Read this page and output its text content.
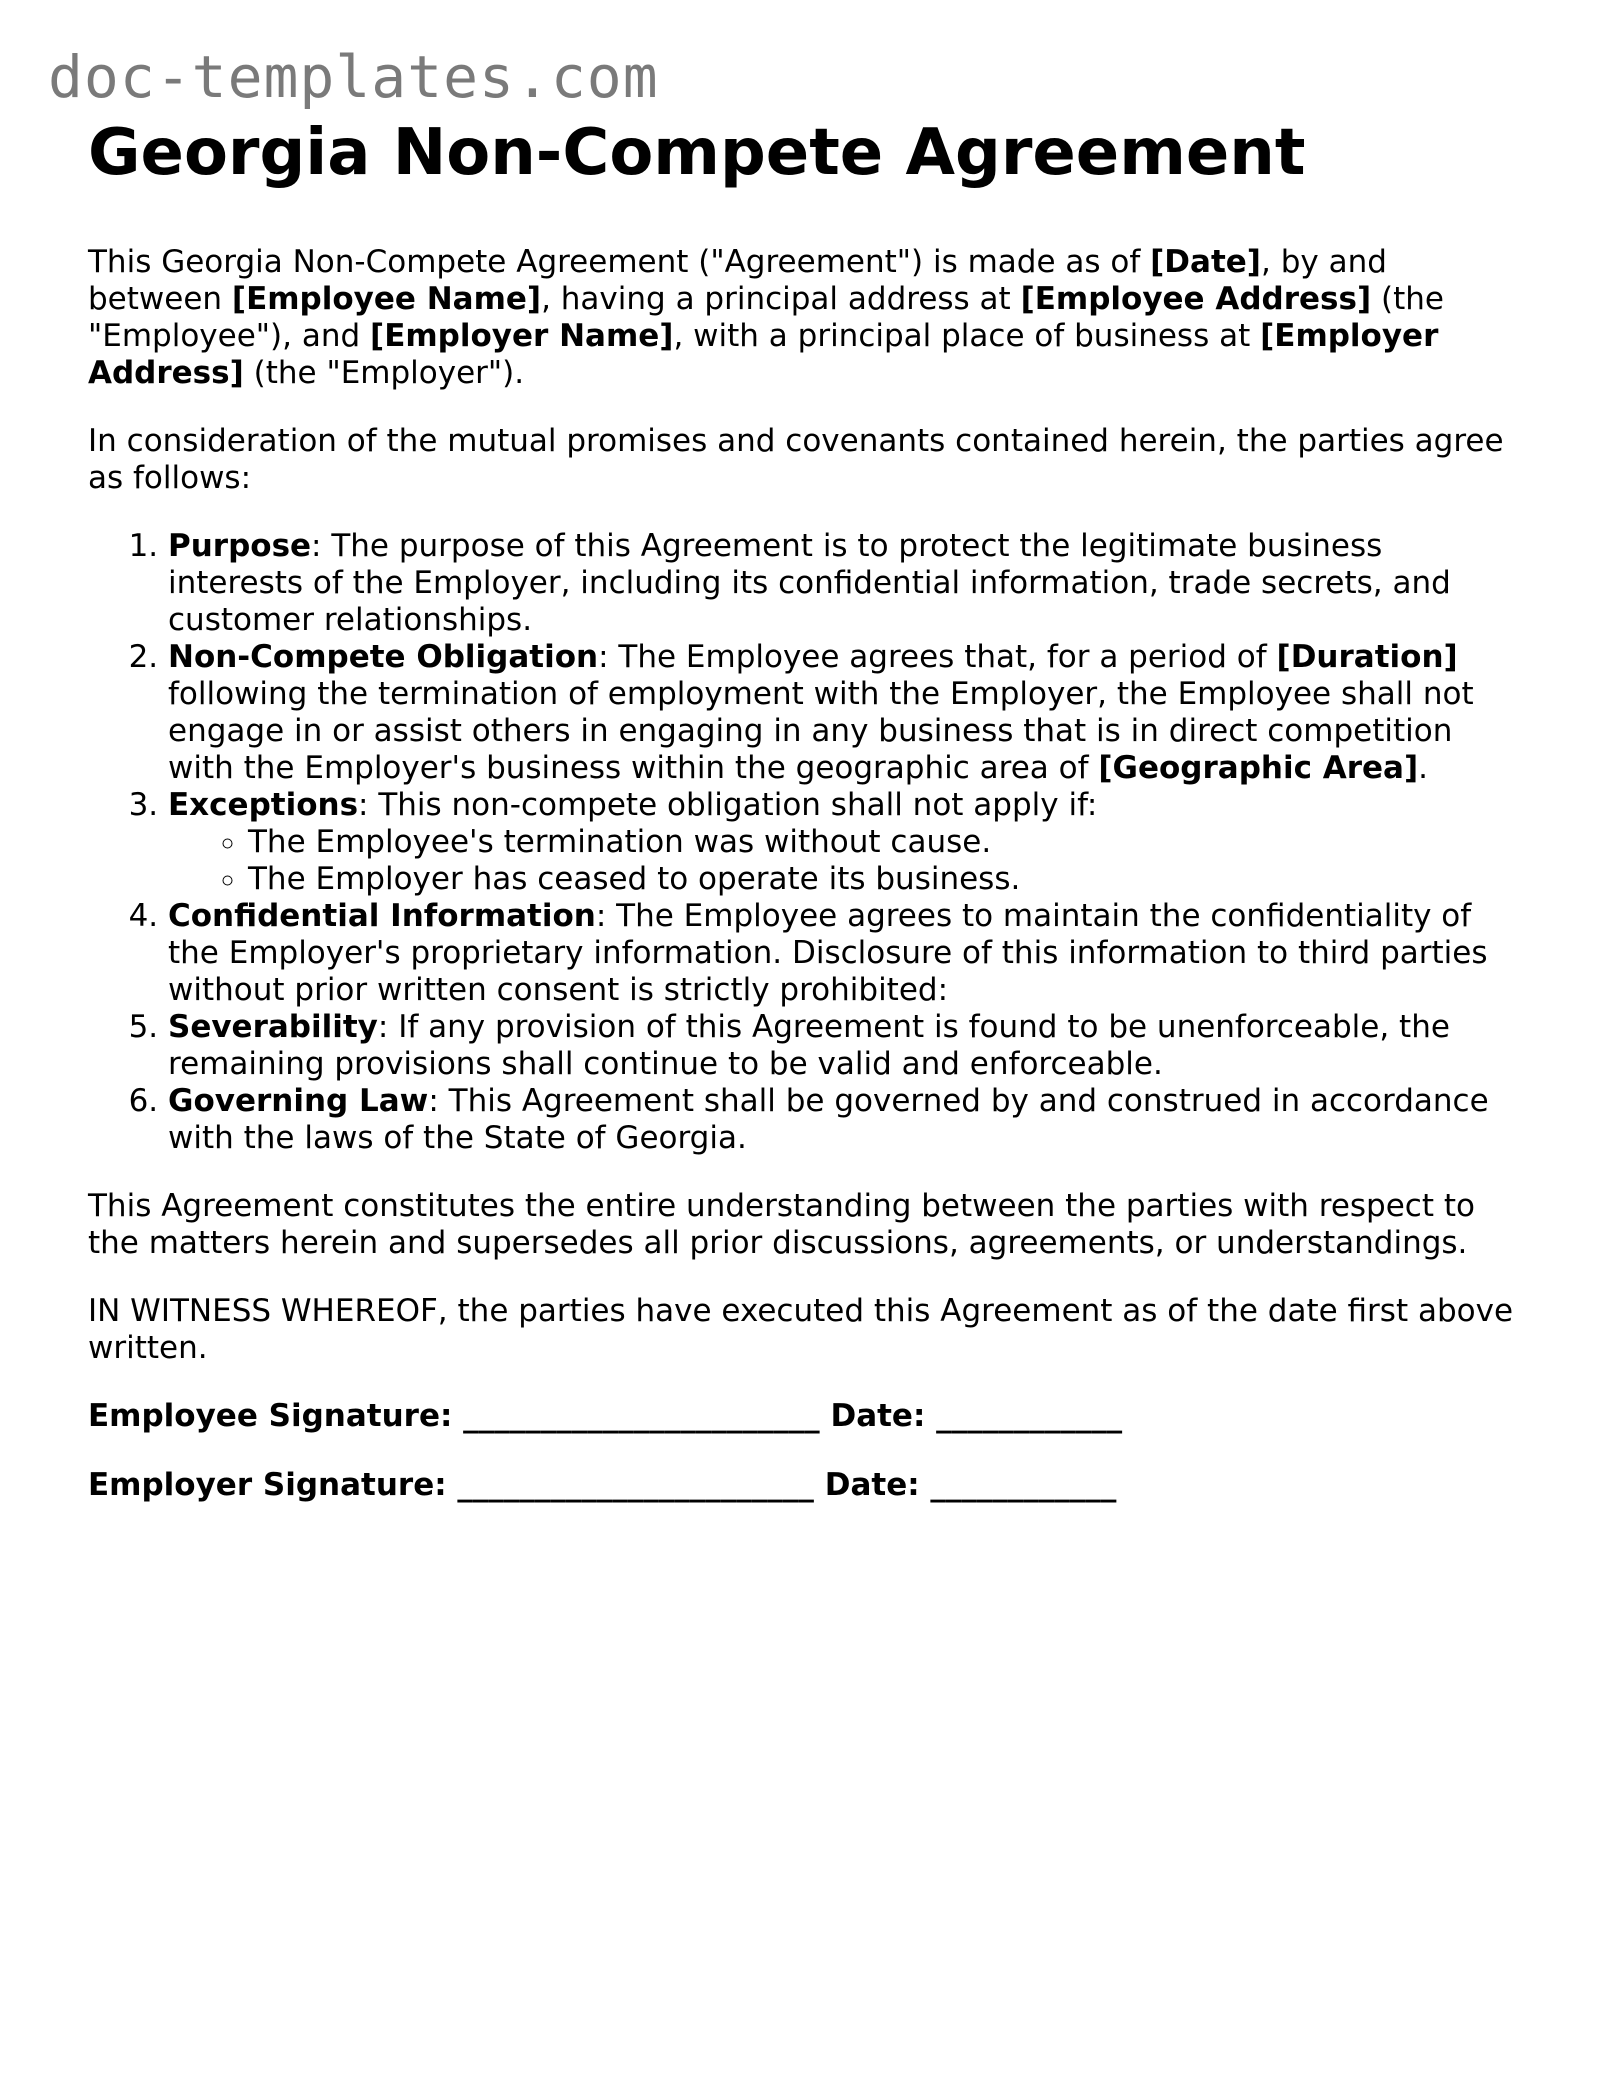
doc-templates.com
Georgia Non-Compete Agreement

This Georgia Non-Compete Agreement ("Agreement") is made as of [Date], by and between [Employee Name], having a principal address at [Employee Address] (the "Employee"), and [Employer Name], with a principal place of business at [Employer Address] (the "Employer").

In consideration of the mutual promises and covenants contained herein, the parties agree as follows:

1. Purpose: The purpose of this Agreement is to protect the legitimate business interests of the Employer, including its confidential information, trade secrets, and customer relationships.
2. Non-Compete Obligation: The Employee agrees that, for a period of [Duration] following the termination of employment with the Employer, the Employee shall not engage in or assist others in engaging in any business that is in direct competition with the Employer's business within the geographic area of [Geographic Area].
3. Exceptions: This non-compete obligation shall not apply if:
◦ The Employee's termination was without cause.
◦ The Employer has ceased to operate its business.
4. Confidential Information: The Employee agrees to maintain the confidentiality of the Employer's proprietary information. Disclosure of this information to third parties without prior written consent is strictly prohibited:
5. Severability: If any provision of this Agreement is found to be unenforceable, the remaining provisions shall continue to be valid and enforceable.
6. Governing Law: This Agreement shall be governed by and construed in accordance with the laws of the State of Georgia.

This Agreement constitutes the entire understanding between the parties with respect to the matters herein and supersedes all prior discussions, agreements, or understandings.

IN WITNESS WHEREOF, the parties have executed this Agreement as of the date first above written.

Employee Signature: _______________________ Date: ____________
Employer Signature: _______________________ Date: ____________
